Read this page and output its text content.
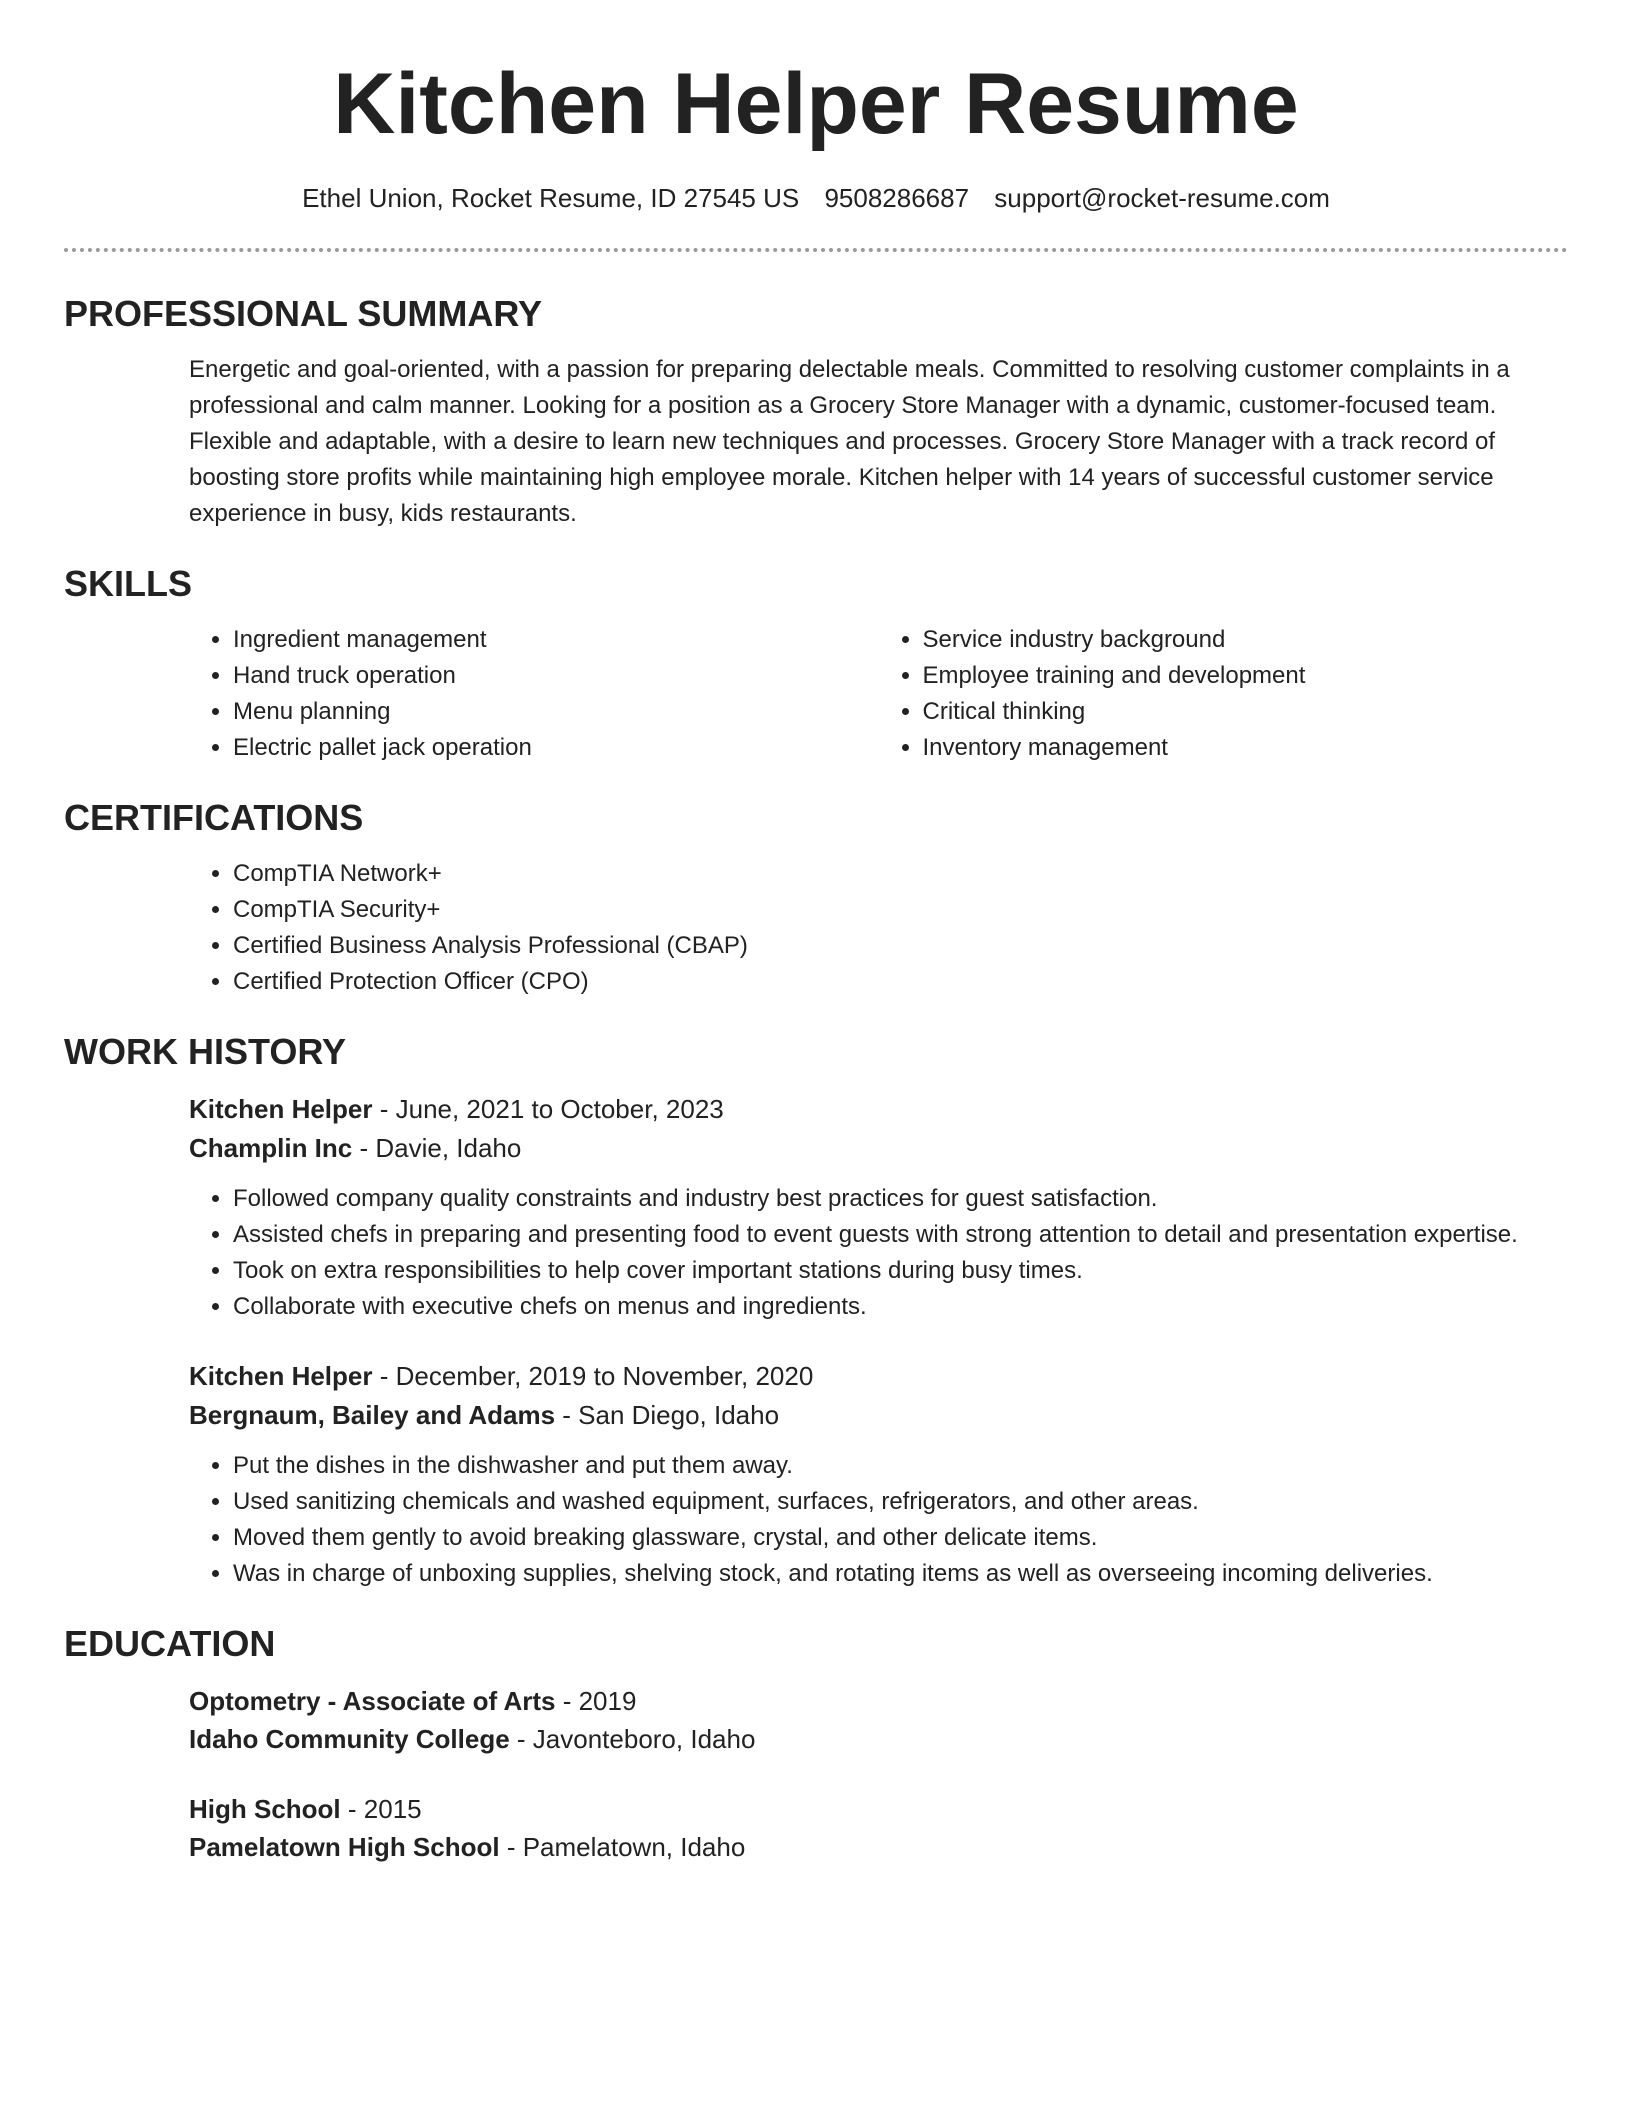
Kitchen Helper Resume
Ethel Union, Rocket Resume, ID 27545 US 9508286687 support@rocket-resume.com
PROFESSIONAL SUMMARY

Energetic and goal-oriented, with a passion for preparing delectable meals. Committed to resolving customer complaints in a professional and calm manner. Looking for a position as a Grocery Store Manager with a dynamic, customer-focused team. Flexible and adaptable, with a desire to learn new techniques and processes. Grocery Store Manager with a track record of boosting store profits while maintaining high employee morale. Kitchen helper with 14 years of successful customer service experience in busy, kids restaurants.

SKILLS
• Ingredient management
• Hand truck operation
• Menu planning
• Electric pallet jack operation
• Service industry background
• Employee training and development
• Critical thinking
• Inventory management
CERTIFICATIONS
• CompTIA Network+
• CompTIA Security+
• Certified Business Analysis Professional (CBAP)
• Certified Protection Officer (CPO)
WORK HISTORY
Kitchen Helper - June, 2021 to October, 2023
Champlin Inc - Davie, Idaho
• Followed company quality constraints and industry best practices for guest satisfaction.
• Assisted chefs in preparing and presenting food to event guests with strong attention to detail and presentation expertise.
• Took on extra responsibilities to help cover important stations during busy times.
• Collaborate with executive chefs on menus and ingredients.
Kitchen Helper - December, 2019 to November, 2020
Bergnaum, Bailey and Adams - San Diego, Idaho
• Put the dishes in the dishwasher and put them away.
• Used sanitizing chemicals and washed equipment, surfaces, refrigerators, and other areas.
• Moved them gently to avoid breaking glassware, crystal, and other delicate items.
• Was in charge of unboxing supplies, shelving stock, and rotating items as well as overseeing incoming deliveries.
EDUCATION
Optometry - Associate of Arts - 2019
Idaho Community College - Javonteboro, Idaho
High School - 2015
Pamelatown High School - Pamelatown, Idaho
